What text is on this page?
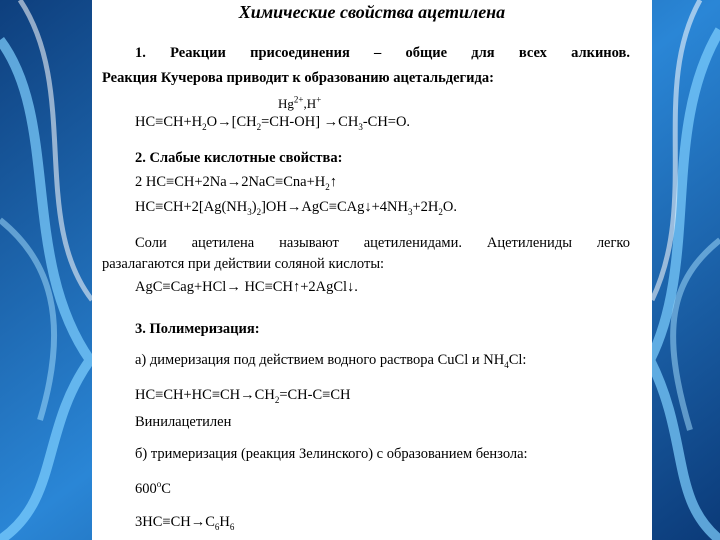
Химические свойства ацетилена
1. Реакции присоединения – общие для всех алкинов.
Реакция Кучерова приводит к образованию ацетальдегида:
$Hg^{2+},H^+$
$HC\equiv CH+H_2O\to[CH_2=CH-OH] \to CH_3-CH=O$.
2. Слабые кислотные свойства:
2 $HC\equiv CH+2Na\to 2NaC\equiv Cna+H_2↑$
$HC\equiv CH+2[Ag(NH_3)_2]OH\to AgC\equiv CAg↓+4NH_3+2H_2O$.
Соли ацетилена называют ацетиленидами. Ацетилениды легко
разалагаются при действии соляной кислоты:
AgC≡Cag+HCl→ HC≡CH↑+2AgCl↓.
3. Полимеризация:
а) димеризация под действием водного раствора CuCl и $NH_4Cl$:
$HC\equiv CH+HC\equiv CH\to CH_2=CH-C\equiv CH$
Винилацетилен
б) тримеризация (реакция Зелинского) с образованием бензола:
600$^o$C
$3HC\equiv CH\to C_6H_6$
